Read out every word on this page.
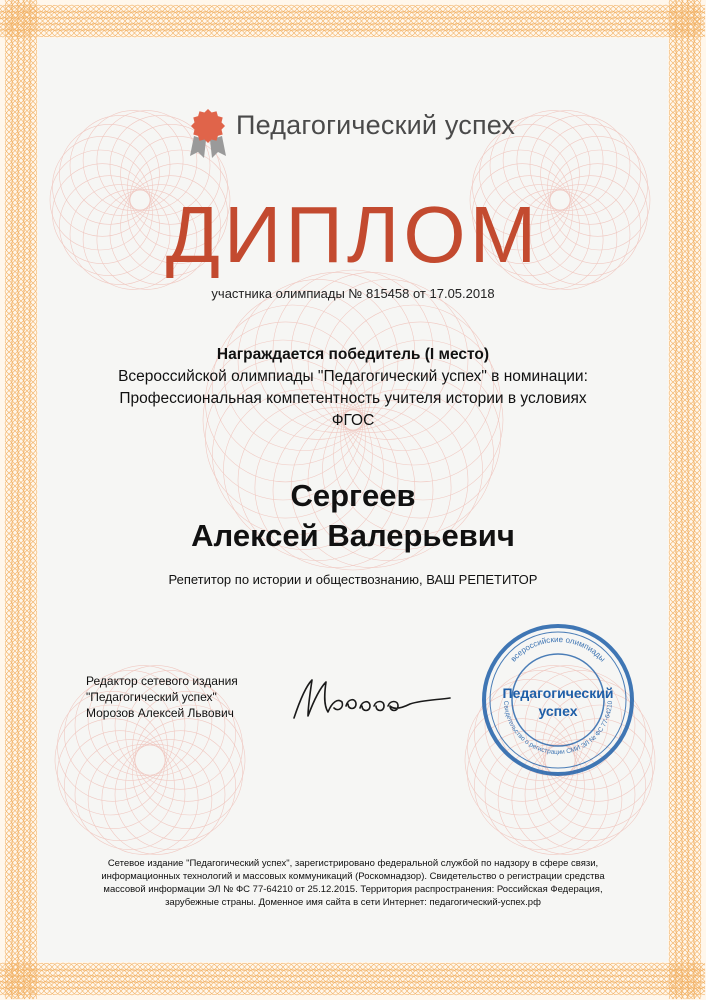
Педагогический успех
ДИПЛОМ
участника олимпиады № 815458 от 17.05.2018
Награждается победитель (I место)
Всероссийской олимпиады "Педагогический успех" в номинации:
Профессиональная компетентность учителя истории в условиях
ФГОС
Сергеев
Алексей Валерьевич
Репетитор по истории и обществознанию, ВАШ РЕПЕТИТОР
Редактор сетевого издания
"Педагогический успех"
Морозов Алексей Львович
всероссийские олимпиады
Свидетельство о регистрации СМИ ЭЛ № ФС 77-64210
Педагогический
успех
Сетевое издание "Педагогический успех", зарегистрировано федеральной службой по надзору в сфере связи,
информационных технологий и массовых коммуникаций (Роскомнадзор). Свидетельство о регистрации средства
массовой информации ЭЛ № ФС 77-64210 от 25.12.2015. Территория распространения: Российская Федерация,
зарубежные страны. Доменное имя сайта в сети Интернет: педагогический-успех.рф
